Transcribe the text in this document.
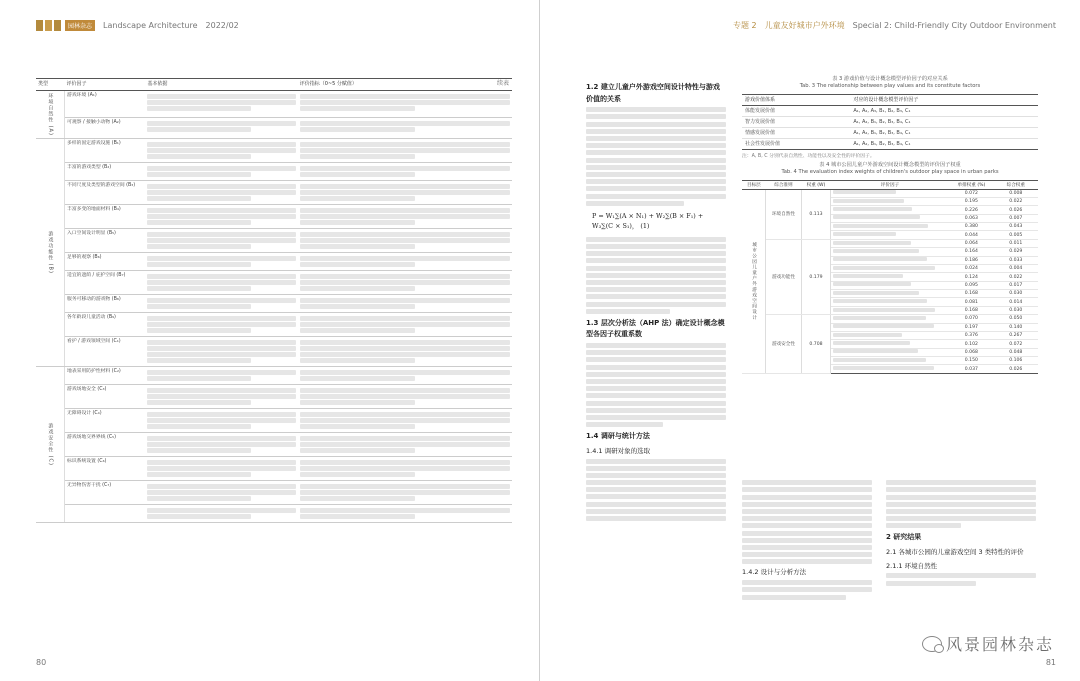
园林杂志	Landscape Architecture 2022/02
续表
类型	评价因子	基本依据	评价指标（0~5 分赋值）
环境自然性 (A)	游戏环境 (A₁)	

	可观察 / 接触小动物 (A₂)	

游戏功能性 (B)	多样的固定游戏设施 (B₁)	

	丰富的游戏类型 (B₂)	

	不同尺度及类型的游戏空间 (B₃)	

	丰富多变的地面材料 (B₄)	

	入口空间设计明显 (B₅)	

	足够的观察 (B₆)	

	适宜的遮荫 / 庇护空间 (B₇)	

	服务可移动的游戏物 (B₈)	

	各年龄段儿童活动 (B₉)	

	看护 / 游戏领域空间 (C₁)	

游戏安全性 (C)	地表采用防护性材料 (C₂)	

	游戏场地安全 (C₃)	

	无障碍设计 (C₄)	

	游戏场地交界界线 (C₅)	

	标识系统设置 (C₆)	

	无异物伤害干扰 (C₇)	

80
专题 2 儿童友好城市户外环境 Special 2: Child-Friendly City Outdoor Environment
1.2 建立儿童户外游戏空间设计特性与游戏价值的关系
P = W₁∑(A × N₁) + W₂∑(B × F₁) + W₃∑(C × S₁)， (1)
1.3 层次分析法（AHP 法）确定设计概念模型各因子权重系数
1.4 调研与统计方法
1.4.1 调研对象的选取
表 3 游戏价值与设计概念模型评价因子的对应关系
Tab. 3 The relationship between play values and its constitute factors
游戏价值体系	对应的设计概念模型评价因子
体能发展价值	A₁, A₂, A₃, B₁, B₂, B₃, C₁
智力发展价值	A₁, A₂, B₁, B₂, B₃, B₄, C₁
情感发展价值	A₁, A₂, B₁, B₂, B₃, B₄, C₁
社会性发展价值	A₁, A₂, B₁, B₂, B₃, B₄, C₁
注：A, B, C 分别代表自然性、功能性以及安全性的评价因子。
表 4 城市公园儿童户外游戏空间设计概念模型的评价因子权重
Tab. 4 The evaluation index weights of children's outdoor play space in urban parks
目标层	综合准则	权重 (W)	评价因子	单排权重 (%)	综合权重
城市公园儿童户外游戏空间设计	环境自然性	0.113		0.072	0.008
				0.195	0.022
				0.226	0.026
				0.063	0.007
				0.380	0.043
				0.044	0.005
	游戏功能性	0.179		0.064	0.011
				0.164	0.029
				0.186	0.033
				0.024	0.004
				0.124	0.022
				0.095	0.017
				0.168	0.030
				0.081	0.014
				0.168	0.030
	游戏安全性	0.708		0.070	0.050
				0.197	0.140
				0.376	0.267
				0.102	0.072
				0.068	0.048
				0.150	0.106
				0.037	0.026
1.4.2 设计与分析方法
2 研究结果
2.1 各城市公园的儿童游戏空间 3 类特性的评价
2.1.1 环境自然性
风景园林杂志
81
